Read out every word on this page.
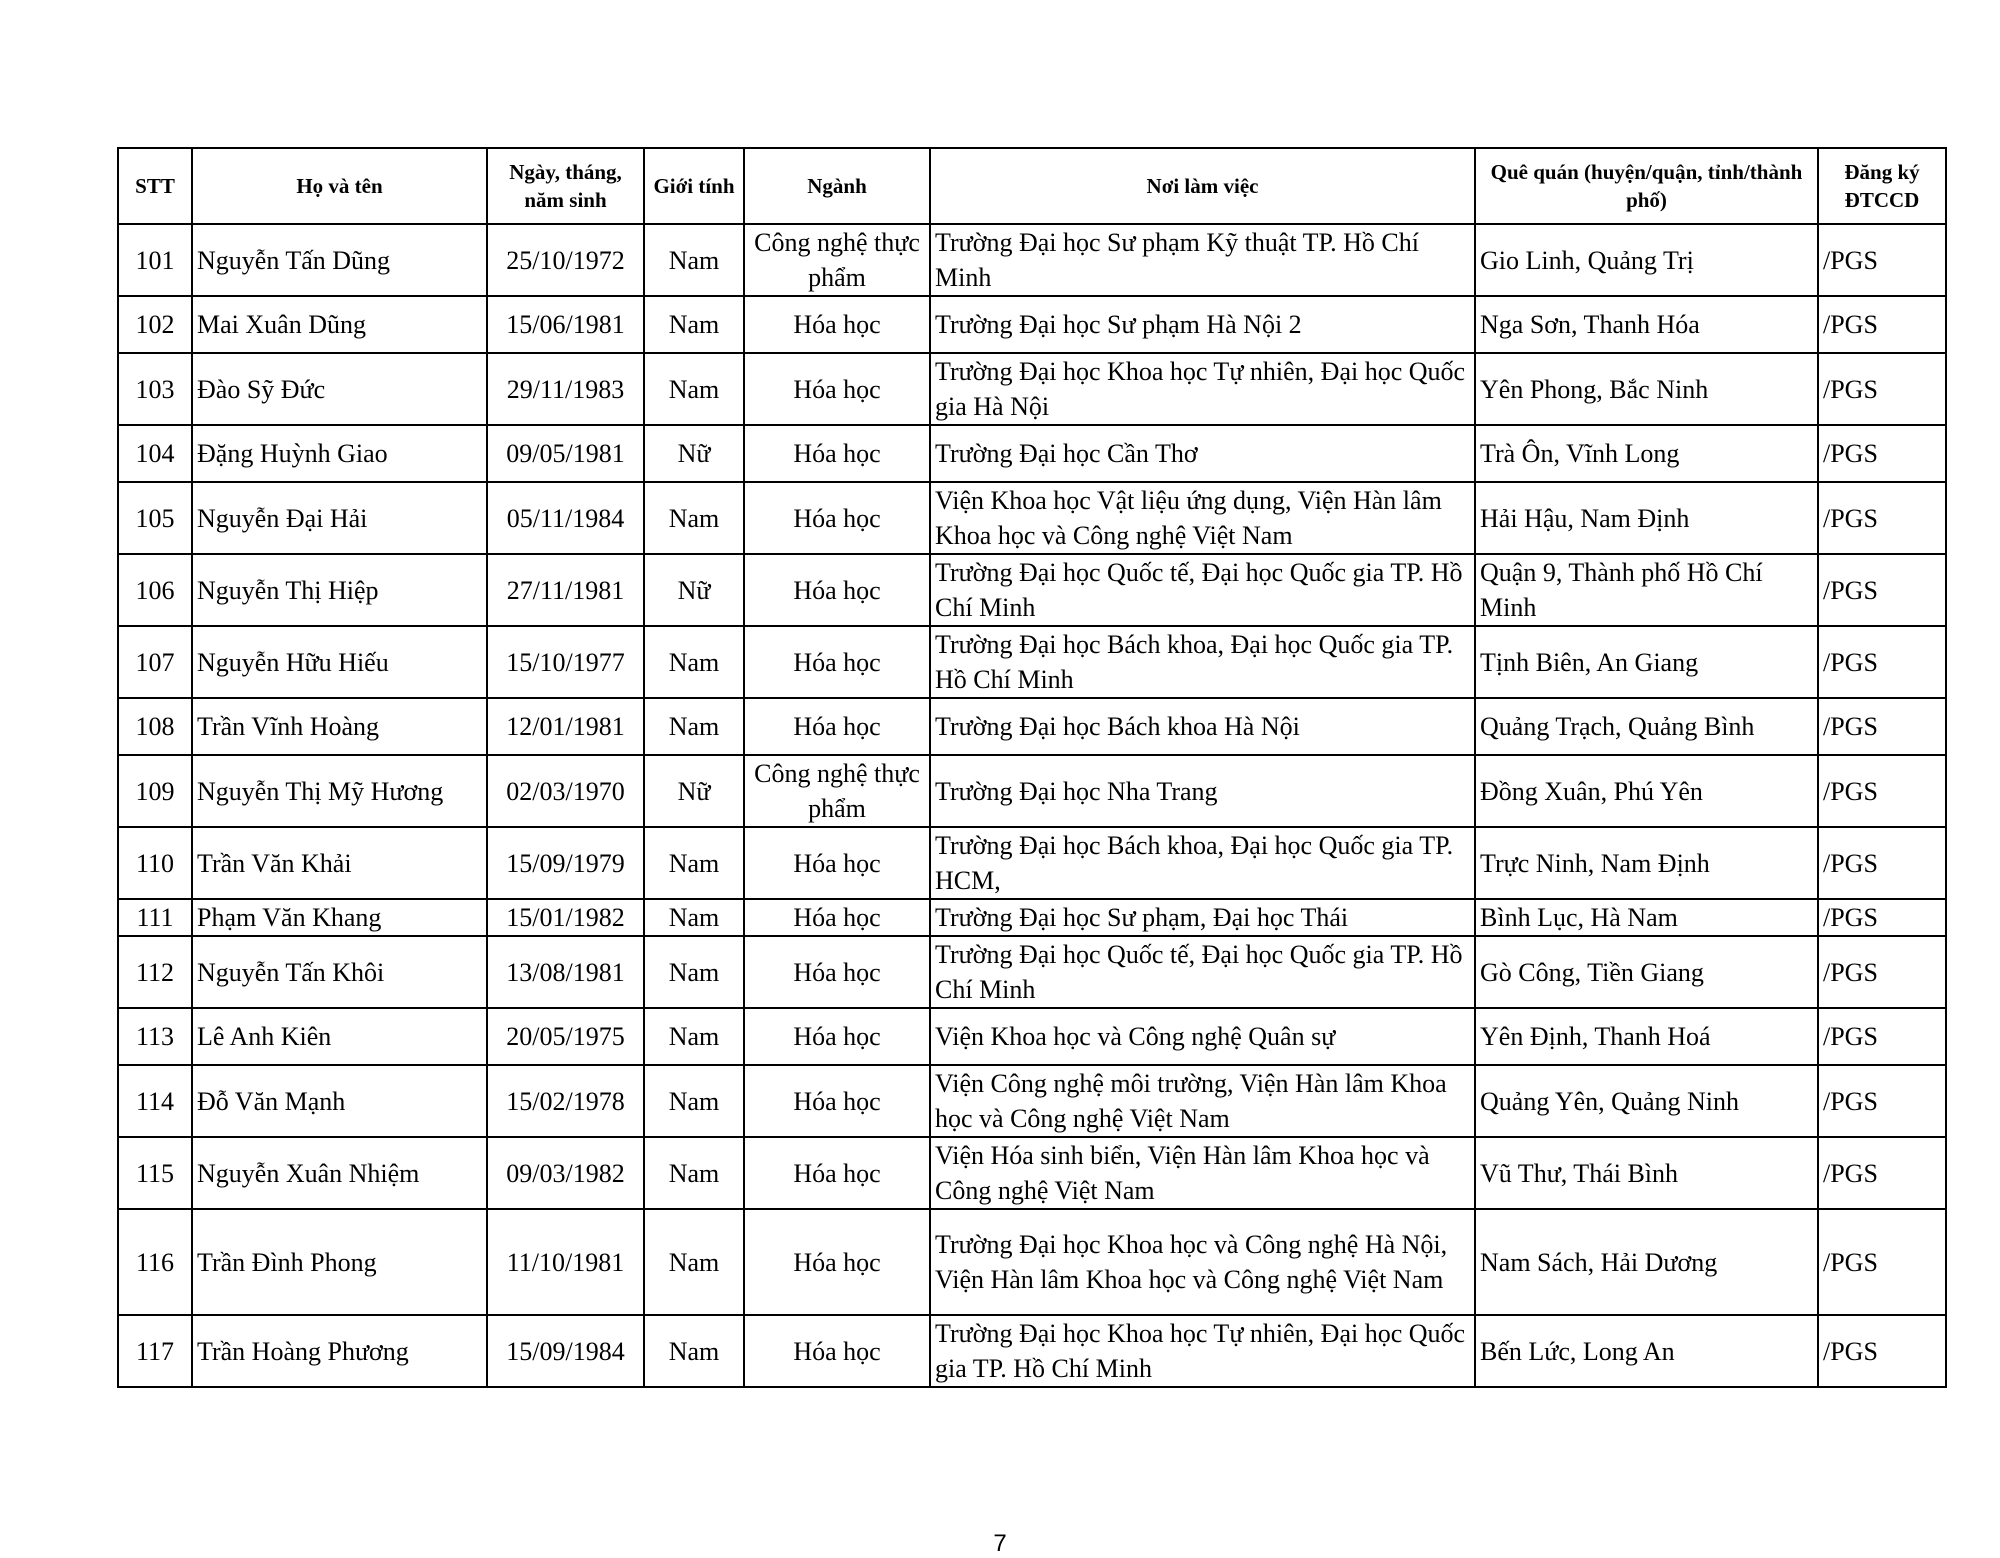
STT	Họ và tên	Ngày, tháng, năm sinh	Giới tính	Ngành	Nơi làm việc	Quê quán (huyện/quận, tỉnh/thành phố)	Đăng ký ĐTCCD
101	Nguyễn Tấn Dũng	25/10/1972	Nam	Công nghệ thực phẩm	Trường Đại học Sư phạm Kỹ thuật TP. Hồ Chí Minh	Gio Linh, Quảng Trị	/PGS
102	Mai Xuân Dũng	15/06/1981	Nam	Hóa học	Trường Đại học Sư phạm Hà Nội 2	Nga Sơn, Thanh Hóa	/PGS
103	Đào Sỹ Đức	29/11/1983	Nam	Hóa học	Trường Đại học Khoa học Tự nhiên, Đại học Quốc gia Hà Nội	Yên Phong, Bắc Ninh	/PGS
104	Đặng Huỳnh Giao	09/05/1981	Nữ	Hóa học	Trường Đại học Cần Thơ	Trà Ôn, Vĩnh Long	/PGS
105	Nguyễn Đại Hải	05/11/1984	Nam	Hóa học	Viện Khoa học Vật liệu ứng dụng, Viện Hàn lâm Khoa học và Công nghệ Việt Nam	Hải Hậu, Nam Định	/PGS
106	Nguyễn Thị Hiệp	27/11/1981	Nữ	Hóa học	Trường Đại học Quốc tế, Đại học Quốc gia TP. Hồ Chí Minh	Quận 9, Thành phố Hồ Chí Minh	/PGS
107	Nguyễn Hữu Hiếu	15/10/1977	Nam	Hóa học	Trường Đại học Bách khoa, Đại học Quốc gia TP. Hồ Chí Minh	Tịnh Biên, An Giang	/PGS
108	Trần Vĩnh Hoàng	12/01/1981	Nam	Hóa học	Trường Đại học Bách khoa Hà Nội	Quảng Trạch, Quảng Bình	/PGS
109	Nguyễn Thị Mỹ Hương	02/03/1970	Nữ	Công nghệ thực phẩm	Trường Đại học Nha Trang	Đồng Xuân, Phú Yên	/PGS
110	Trần Văn Khải	15/09/1979	Nam	Hóa học	Trường Đại học Bách khoa, Đại học Quốc gia TP. HCM,	Trực Ninh, Nam Định	/PGS
111	Phạm Văn Khang	15/01/1982	Nam	Hóa học	Trường Đại học Sư phạm, Đại học Thái	Bình Lục, Hà Nam	/PGS
112	Nguyễn Tấn Khôi	13/08/1981	Nam	Hóa học	Trường Đại học Quốc tế, Đại học Quốc gia TP. Hồ Chí Minh	Gò Công, Tiền Giang	/PGS
113	Lê Anh Kiên	20/05/1975	Nam	Hóa học	Viện Khoa học và Công nghệ Quân sự	Yên Định, Thanh Hoá	/PGS
114	Đỗ Văn Mạnh	15/02/1978	Nam	Hóa học	Viện Công nghệ môi trường, Viện Hàn lâm Khoa học và Công nghệ Việt Nam	Quảng Yên, Quảng Ninh	/PGS
115	Nguyễn Xuân Nhiệm	09/03/1982	Nam	Hóa học	Viện Hóa sinh biển, Viện Hàn lâm Khoa học và Công nghệ Việt Nam	Vũ Thư, Thái Bình	/PGS
116	Trần Đình Phong	11/10/1981	Nam	Hóa học	Trường Đại học Khoa học và Công nghệ Hà Nội, Viện Hàn lâm Khoa học và Công nghệ Việt Nam	Nam Sách, Hải Dương	/PGS
117	Trần Hoàng Phương	15/09/1984	Nam	Hóa học	Trường Đại học Khoa học Tự nhiên, Đại học Quốc gia TP. Hồ Chí Minh	Bến Lức, Long An	/PGS
7
